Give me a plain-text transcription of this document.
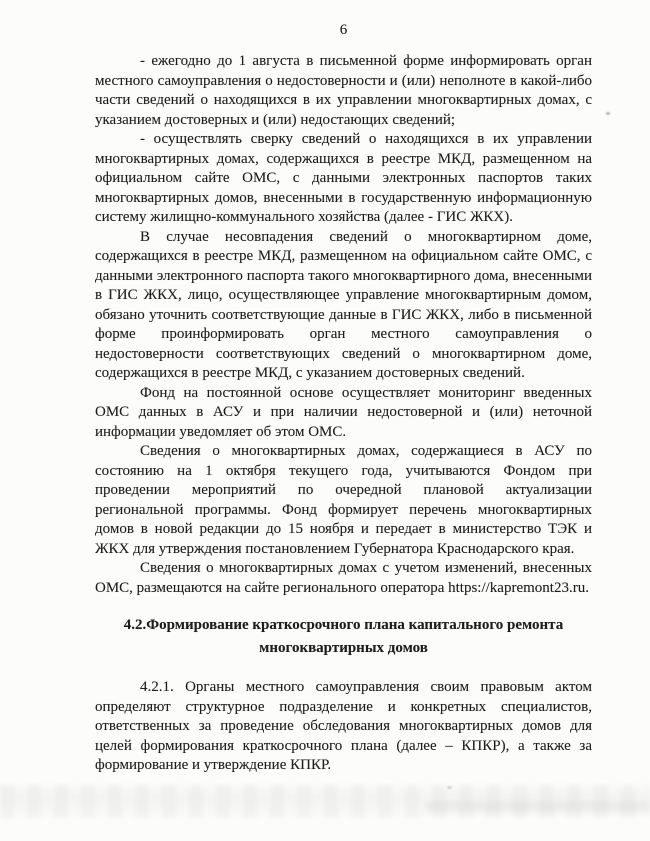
6

- ежегодно до 1 августа в письменной форме информировать орган местного самоуправления о недостоверности и (или) неполноте в какой-либо части сведений о находящихся в их управлении многоквартирных домах, с указанием достоверных и (или) недостающих сведений;

- осуществлять сверку сведений о находящихся в их управлении многоквартирных домах, содержащихся в реестре МКД, размещенном на официальном сайте ОМС, с данными электронных паспортов таких многоквартирных домов, внесенными в государственную информационную систему жилищно-коммунального хозяйства (далее - ГИС ЖКХ).

В случае несовпадения сведений о многоквартирном доме, содержащихся в реестре МКД, размещенном на официальном сайте ОМС, с данными электронного паспорта такого многоквартирного дома, внесенными в ГИС ЖКХ, лицо, осуществляющее управление многоквартирным домом, обязано уточнить соответствующие данные в ГИС ЖКХ, либо в письменной форме проинформировать орган местного самоуправления о недостоверности соответствующих сведений о многоквартирном доме, содержащихся в реестре МКД, с указанием достоверных сведений.

Фонд на постоянной основе осуществляет мониторинг введенных ОМС данных в АСУ и при наличии недостоверной и (или) неточной информации уведомляет об этом ОМС.

Сведения о многоквартирных домах, содержащиеся в АСУ по состоянию на 1 октября текущего года, учитываются Фондом при проведении мероприятий по очередной плановой актуализации региональной программы. Фонд формирует перечень многоквартирных домов в новой редакции до 15 ноября и передает в министерство ТЭК и ЖКХ для утверждения постановлением Губернатора Краснодарского края.

Сведения о многоквартирных домах с учетом изменений, внесенных ОМС, размещаются на сайте регионального оператора https://kapremont23.ru.

4.2.Формирование краткосрочного плана капитального ремонта
многоквартирных домов

4.2.1. Органы местного самоуправления своим правовым актом определяют структурное подразделение и конкретных специалистов, ответственных за проведение обследования многоквартирных домов для целей формирования краткосрочного плана (далее – КПКР), а также за формирование и утверждение КПКР.
